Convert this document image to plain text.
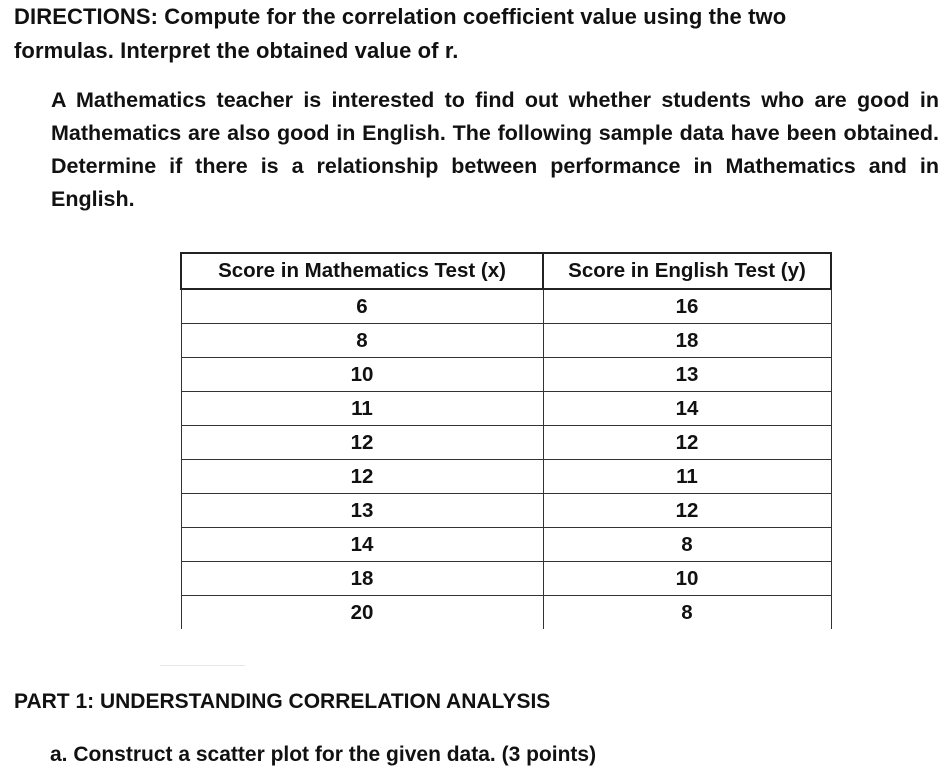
DIRECTIONS: Compute for the correlation coefficient value using the two
formulas. Interpret the obtained value of r.
A Mathematics teacher is interested to find out whether students who are good in Mathematics are also good in English. The following sample data have been obtained. Determine if there is a relationship between performance in Mathematics and in English.
Score in Mathematics Test (x)	Score in English Test (y)
6	16
8	18
10	13
11	14
12	12
12	11
13	12
14	8
18	10
20	8
PART 1: UNDERSTANDING CORRELATION ANALYSIS
a. Construct a scatter plot for the given data. (3 points)
